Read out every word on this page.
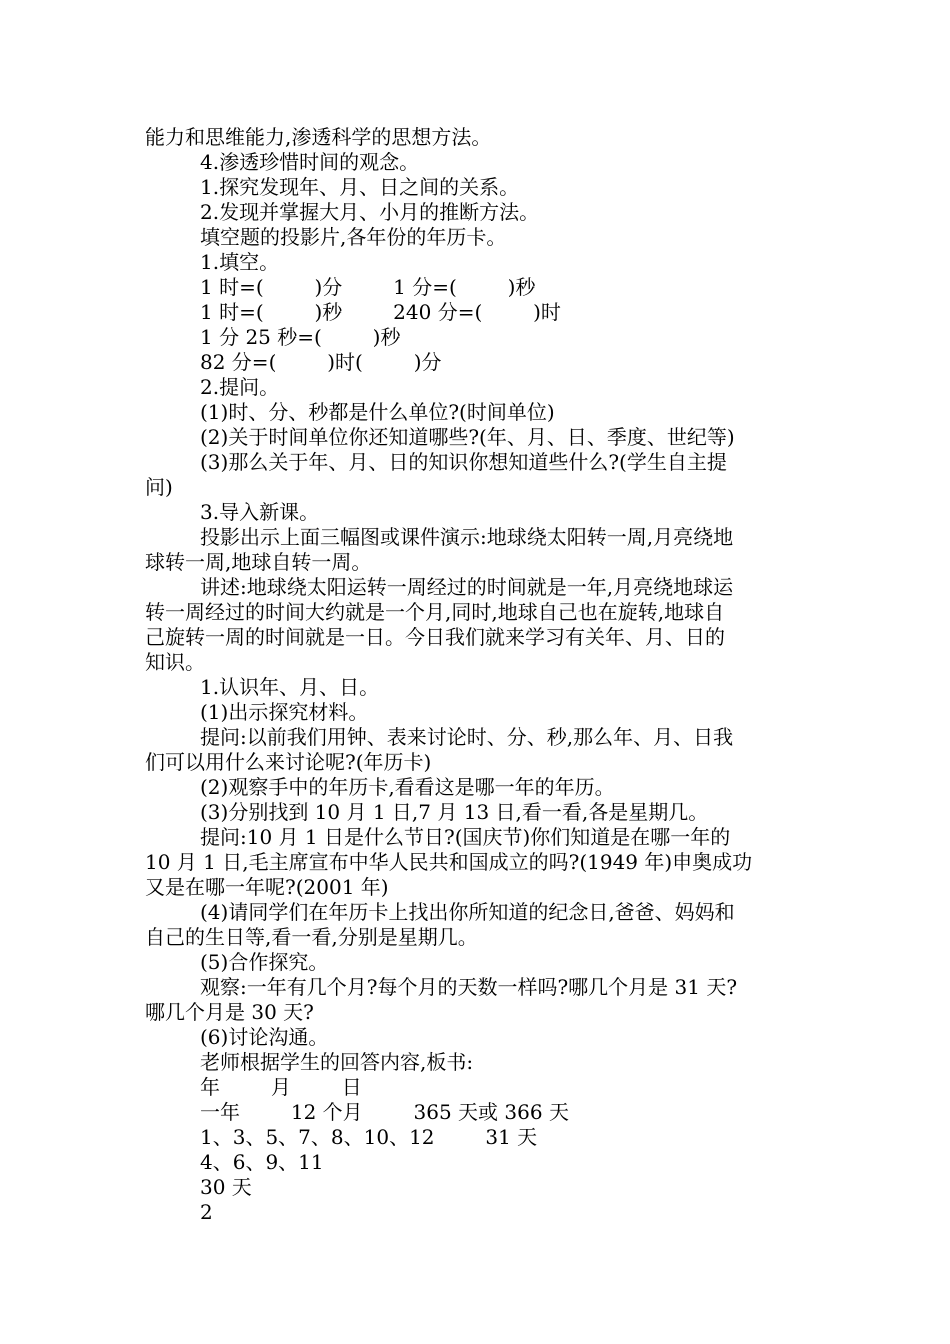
能力和思维能力,渗透科学的思想方法。
4.渗透珍惜时间的观念。
1.探究发现年、月、日之间的关系。
2.发现并掌握大月、小月的推断方法。
填空题的投影片,各年份的年历卡。
1.填空。
1 时=(        )分        1 分=(        )秒
1 时=(        )秒        240 分=(        )时
1 分 25 秒=(        )秒
82 分=(        )时(        )分
2.提问。
(1)时、分、秒都是什么单位?(时间单位)
(2)关于时间单位你还知道哪些?(年、月、日、季度、世纪等)
(3)那么关于年、月、日的知识你想知道些什么?(学生自主提
问)
3.导入新课。
投影出示上面三幅图或课件演示:地球绕太阳转一周,月亮绕地
球转一周,地球自转一周。
讲述:地球绕太阳运转一周经过的时间就是一年,月亮绕地球运
转一周经过的时间大约就是一个月,同时,地球自己也在旋转,地球自
己旋转一周的时间就是一日。今日我们就来学习有关年、月、日的
知识。
1.认识年、月、日。
(1)出示探究材料。
提问:以前我们用钟、表来讨论时、分、秒,那么年、月、日我
们可以用什么来讨论呢?(年历卡)
(2)观察手中的年历卡,看看这是哪一年的年历。
(3)分别找到 10 月 1 日,7 月 13 日,看一看,各是星期几。
提问:10 月 1 日是什么节日?(国庆节)你们知道是在哪一年的
10 月 1 日,毛主席宣布中华人民共和国成立的吗?(1949 年)申奥成功
又是在哪一年呢?(2001 年)
(4)请同学们在年历卡上找出你所知道的纪念日,爸爸、妈妈和
自己的生日等,看一看,分别是星期几。
(5)合作探究。
观察:一年有几个月?每个月的天数一样吗?哪几个月是 31 天?
哪几个月是 30 天?
(6)讨论沟通。
老师根据学生的回答内容,板书:
年        月        日
一年        12 个月        365 天或 366 天
1、3、5、7、8、10、12        31 天
4、6、9、11
30 天
2
